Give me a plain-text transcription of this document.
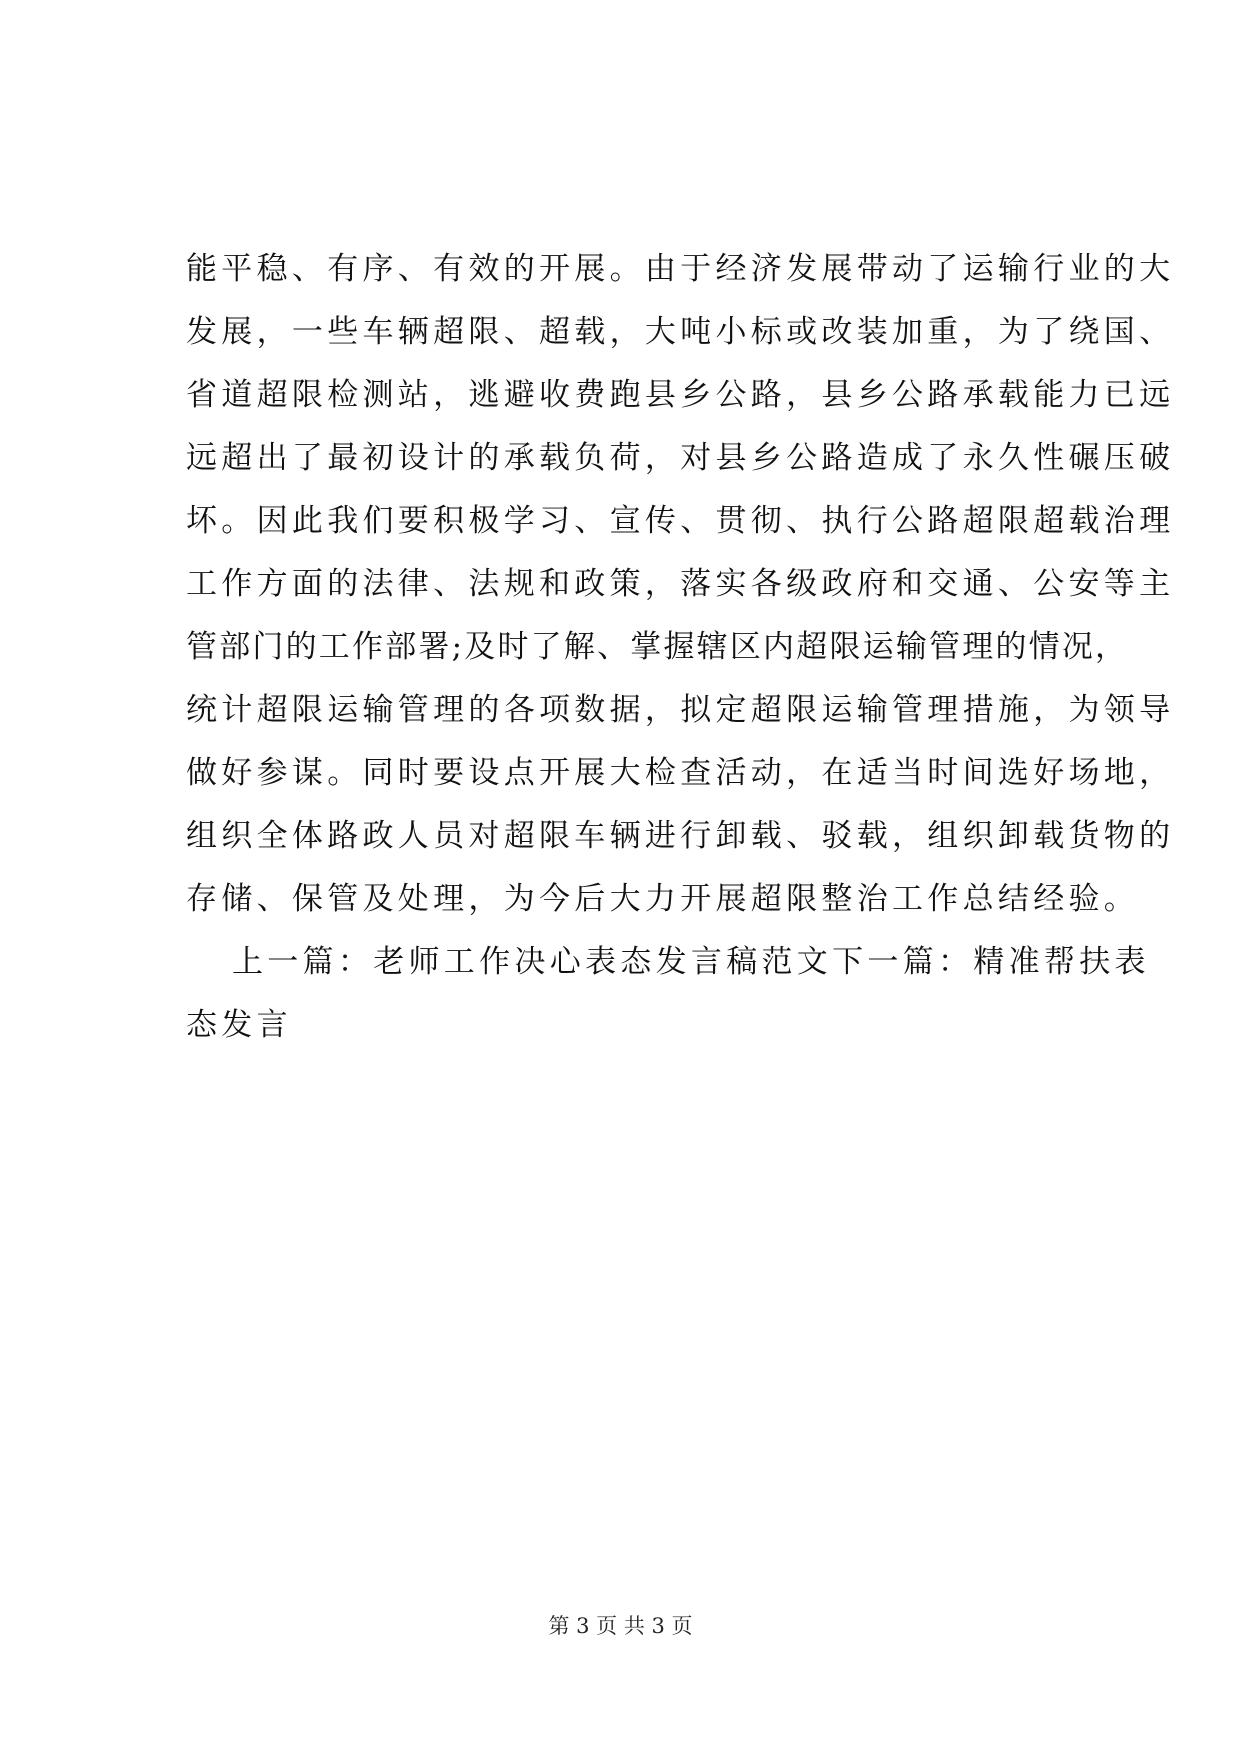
能平稳、有序、有效的开展。由于经济发展带动了运输行业的大
发展，一些车辆超限、超载，大吨小标或改装加重，为了绕国、
省道超限检测站，逃避收费跑县乡公路，县乡公路承载能力已远
远超出了最初设计的承载负荷，对县乡公路造成了永久性碾压破
坏。因此我们要积极学习、宣传、贯彻、执行公路超限超载治理
工作方面的法律、法规和政策，落实各级政府和交通、公安等主
管部门的工作部署;及时了解、掌握辖区内超限运输管理的情况，
统计超限运输管理的各项数据，拟定超限运输管理措施，为领导
做好参谋。同时要设点开展大检查活动，在适当时间选好场地，
组织全体路政人员对超限车辆进行卸载、驳载，组织卸载货物的
存储、保管及处理，为今后大力开展超限整治工作总结经验。
上一篇：老师工作决心表态发言稿范文下一篇：精准帮扶表
态发言
第 3 页 共 3 页
